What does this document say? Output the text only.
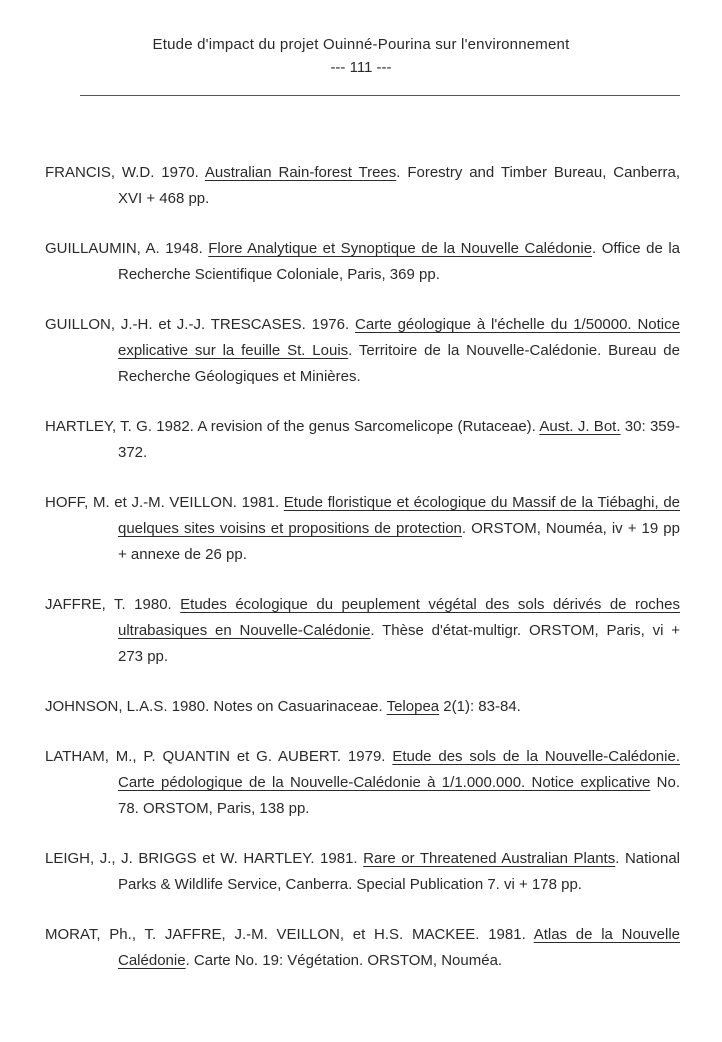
Etude d'impact du projet Ouinné-Pourina sur l'environnement
--- 111 ---
FRANCIS, W.D. 1970. Australian Rain-forest Trees. Forestry and Timber Bureau, Canberra, XVI + 468 pp.
GUILLAUMIN, A. 1948. Flore Analytique et Synoptique de la Nouvelle Calédonie. Office de la Recherche Scientifique Coloniale, Paris, 369 pp.
GUILLON, J.-H. et J.-J. TRESCASES. 1976. Carte géologique à l'échelle du 1/50000. Notice explicative sur la feuille St. Louis. Territoire de la Nouvelle-Calédonie. Bureau de Recherche Géologiques et Minières.
HARTLEY, T. G. 1982. A revision of the genus Sarcomelicope (Rutaceae). Aust. J. Bot. 30: 359-372.
HOFF, M. et J.-M. VEILLON. 1981. Etude floristique et écologique du Massif de la Tiébaghi, de quelques sites voisins et propositions de protection. ORSTOM, Nouméa, iv + 19 pp + annexe de 26 pp.
JAFFRE, T. 1980. Etudes écologique du peuplement végétal des sols dérivés de roches ultrabasiques en Nouvelle-Calédonie. Thèse d'état-multigr. ORSTOM, Paris, vi + 273 pp.
JOHNSON, L.A.S. 1980. Notes on Casuarinaceae. Telopea 2(1): 83-84.
LATHAM, M., P. QUANTIN et G. AUBERT. 1979. Etude des sols de la Nouvelle-Calédonie. Carte pédologique de la Nouvelle-Calédonie à 1/1.000.000. Notice explicative No. 78. ORSTOM, Paris, 138 pp.
LEIGH, J., J. BRIGGS et W. HARTLEY. 1981. Rare or Threatened Australian Plants. National Parks & Wildlife Service, Canberra. Special Publication 7. vi + 178 pp.
MORAT, Ph., T. JAFFRE, J.-M. VEILLON, et H.S. MACKEE. 1981. Atlas de la Nouvelle Calédonie. Carte No. 19: Végétation. ORSTOM, Nouméa.
